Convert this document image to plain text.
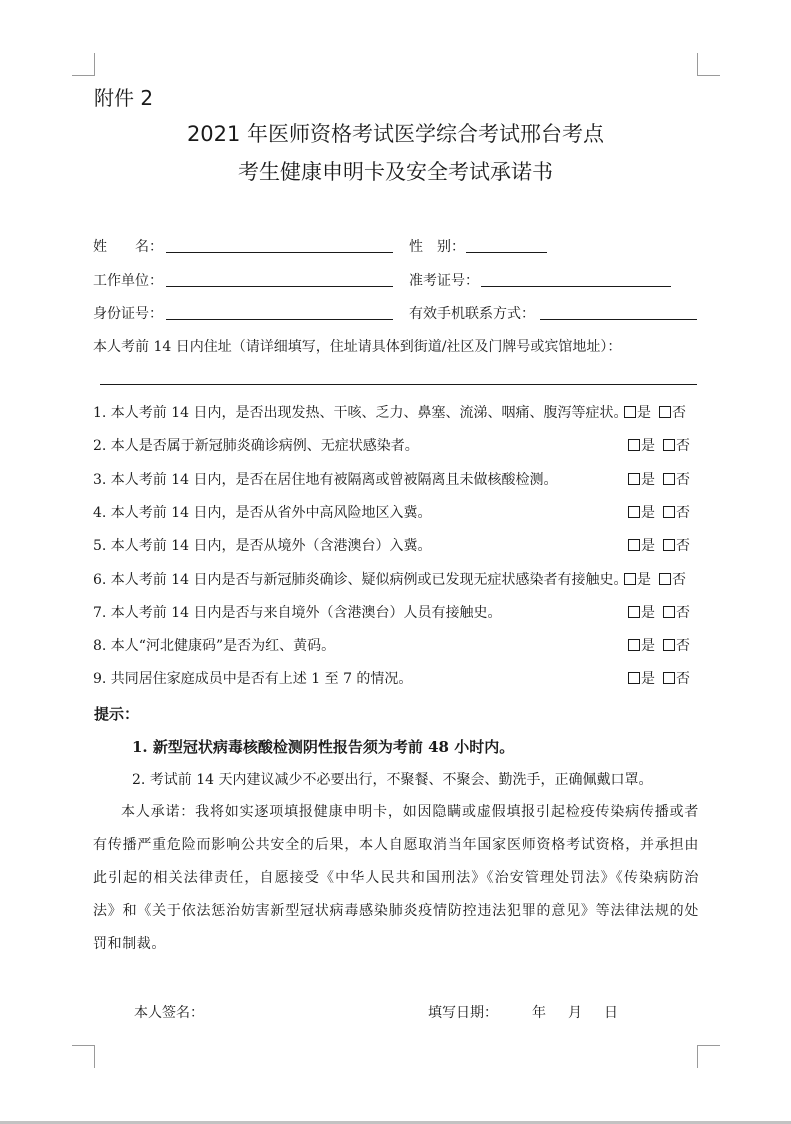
附件 2
2021 年医师资格考试医学综合考试邢台考点
考生健康申明卡及安全考试承诺书
姓　　名：	性　别：
工作单位：	准考证号：
身份证号：	有效手机联系方式：
本人考前 14 日内住址（请详细填写，住址请具体到街道/社区及门牌号或宾馆地址）：
1. 本人考前 14 日内，是否出现发热、干咳、乏力、鼻塞、流涕、咽痛、腹泻等症状。 是 否
2. 本人是否属于新冠肺炎确诊病例、无症状感染者。	是 否
3. 本人考前 14 日内，是否在居住地有被隔离或曾被隔离且未做核酸检测。	是 否
4. 本人考前 14 日内，是否从省外中高风险地区入冀。	是 否
5. 本人考前 14 日内，是否从境外（含港澳台）入冀。	是 否
6. 本人考前 14 日内是否与新冠肺炎确诊、疑似病例或已发现无症状感染者有接触史。 是 否
7. 本人考前 14 日内是否与来自境外（含港澳台）人员有接触史。	是 否
8. 本人“河北健康码”是否为红、黄码。	是 否
9. 共同居住家庭成员中是否有上述 1 至 7 的情况。	是 否
提示：
1. 新型冠状病毒核酸检测阴性报告须为考前 48 小时内。
2. 考试前 14 天内建议减少不必要出行，不聚餐、不聚会、勤洗手，正确佩戴口罩。
本人承诺：我将如实逐项填报健康申明卡，如因隐瞒或虚假填报引起检疫传染病传播或者有传播严重危险而影响公共安全的后果，本人自愿取消当年国家医师资格考试资格，并承担由此引起的相关法律责任，自愿接受《中华人民共和国刑法》《治安管理处罚法》《传染病防治法》和《关于依法惩治妨害新型冠状病毒感染肺炎疫情防控违法犯罪的意见》等法律法规的处罚和制裁。
本人签名：	填写日期： 年 月 日
